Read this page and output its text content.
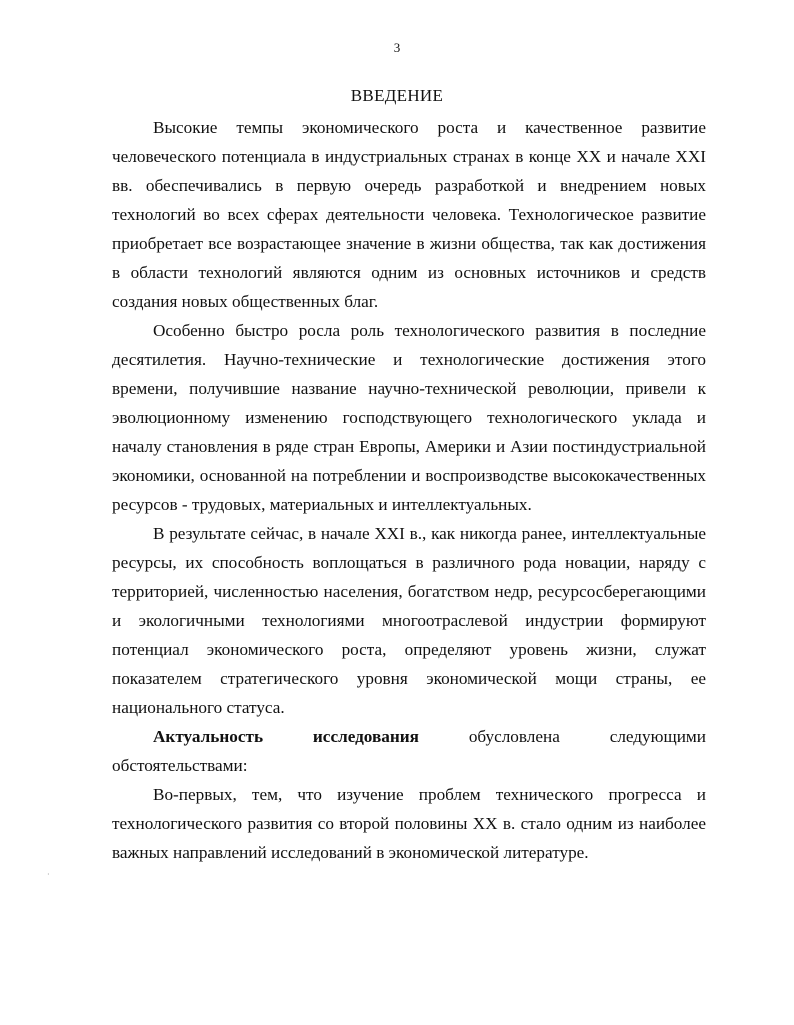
3
ВВЕДЕНИЕ

Высокие темпы экономического роста и качественное развитие человеческого потенциала в индустриальных странах в конце XX и начале XXI вв. обеспечивались в первую очередь разработкой и внедрением новых технологий во всех сферах деятельности человека. Технологическое развитие приобретает все возрастающее значение в жизни общества, так как достижения в области технологий являются одним из основных источников и средств создания новых общественных благ.

Особенно быстро росла роль технологического развития в последние десятилетия. Научно-технические и технологические достижения этого времени, получившие название научно-технической революции, привели к эволюционному изменению господствующего технологического уклада и началу становления в ряде стран Европы, Америки и Азии постиндустриальной экономики, основанной на потреблении и воспроизводстве высококачественных ресурсов - трудовых, материальных и интеллектуальных.

В результате сейчас, в начале XXI в., как никогда ранее, интеллектуальные ресурсы, их способность воплощаться в различного рода новации, наряду с территорией, численностью населения, богатством недр, ресурсосберегающими и экологичными технологиями многоотраслевой индустрии формируют потенциал экономического роста, определяют уровень жизни, служат показателем стратегического уровня экономической мощи страны, ее национального статуса.

Актуальность исследования	обусловлена следующими обстоятельствами:

Во-первых, тем, что изучение проблем технического прогресса и технологического развития со второй половины XX в. стало одним из наиболее важных направлений исследований в экономической литературе.

·
